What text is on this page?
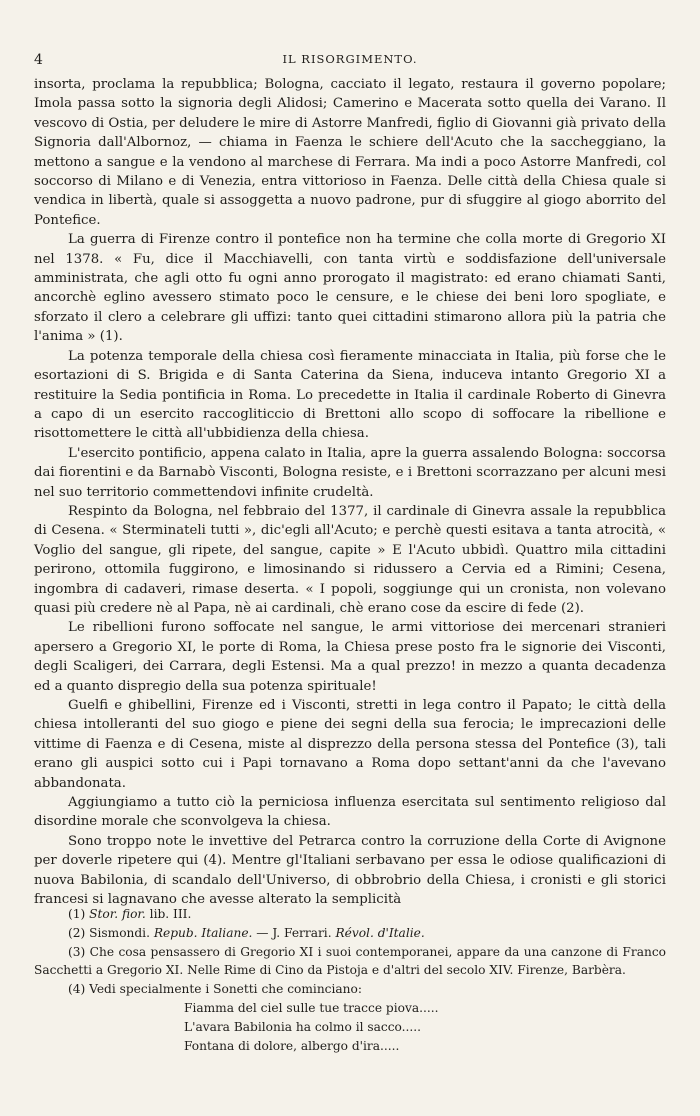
4	IL RISORGIMENTO.

insorta, proclama la repubblica; Bologna, cacciato il legato, restaura il governo popolare; Imola passa sotto la signoria degli Alidosi; Camerino e Macerata sotto quella dei Varano. Il vescovo di Ostia, per deludere le mire di Astorre Manfredi, figlio di Giovanni già privato della Signoria dall'Albornoz, — chiama in Faenza le schiere dell'Acuto che la saccheggiano, la mettono a sangue e la vendono al marchese di Ferrara. Ma indi a poco Astorre Manfredi, col soccorso di Milano e di Venezia, entra vittorioso in Faenza. Delle città della Chiesa quale si vendica in libertà, quale si assoggetta a nuovo padrone, pur di sfuggire al giogo aborrito del Pontefice.

La guerra di Firenze contro il pontefice non ha termine che colla morte di Gregorio XI nel 1378. « Fu, dice il Macchiavelli, con tanta virtù e soddisfazione dell'universale amministrata, che agli otto fu ogni anno prorogato il magistrato: ed erano chiamati Santi, ancorchè eglino avessero stimato poco le censure, e le chiese dei beni loro spogliate, e sforzato il clero a celebrare gli uffizi: tanto quei cittadini stimarono allora più la patria che l'anima » (1).

La potenza temporale della chiesa così fieramente minacciata in Italia, più forse che le esortazioni di S. Brigida e di Santa Caterina da Siena, induceva intanto Gregorio XI a restituire la Sedia pontificia in Roma. Lo precedette in Italia il cardinale Roberto di Ginevra a capo di un esercito raccogliticcio di Brettoni allo scopo di soffocare la ribellione e risottomettere le città all'ubbidienza della chiesa.

L'esercito pontificio, appena calato in Italia, apre la guerra assalendo Bologna: soccorsa dai fiorentini e da Barnabò Visconti, Bologna resiste, e i Brettoni scorrazzano per alcuni mesi nel suo territorio commettendovi infinite crudeltà.

Respinto da Bologna, nel febbraio del 1377, il cardinale di Ginevra assale la repubblica di Cesena. « Sterminateli tutti », dic'egli all'Acuto; e perchè questi esitava a tanta atrocità, « Voglio del sangue, gli ripete, del sangue, capite » E l'Acuto ubbidì. Quattro mila cittadini perirono, ottomila fuggirono, e limosinando si ridussero a Cervia ed a Rimini; Cesena, ingombra di cadaveri, rimase deserta. « I popoli, soggiunge qui un cronista, non volevano quasi più credere nè al Papa, nè ai cardinali, chè erano cose da escire di fede (2).

Le ribellioni furono soffocate nel sangue, le armi vittoriose dei mercenari stranieri apersero a Gregorio XI, le porte di Roma, la Chiesa prese posto fra le signorie dei Visconti, degli Scaligeri, dei Carrara, degli Estensi. Ma a qual prezzo! in mezzo a quanta decadenza ed a quanto dispregio della sua potenza spirituale!

Guelfi e ghibellini, Firenze ed i Visconti, stretti in lega contro il Papato; le città della chiesa intolleranti del suo giogo e piene dei segni della sua ferocia; le imprecazioni delle vittime di Faenza e di Cesena, miste al disprezzo della persona stessa del Pontefice (3), tali erano gli auspici sotto cui i Papi tornavano a Roma dopo settant'anni da che l'avevano abbandonata.

Aggiungiamo a tutto ciò la perniciosa influenza esercitata sul sentimento religioso dal disordine morale che sconvolgeva la chiesa.

Sono troppo note le invettive del Petrarca contro la corruzione della Corte di Avignone per doverle ripetere qui (4). Mentre gl'Italiani serbavano per essa le odiose qualificazioni di nuova Babilonia, di scandalo dell'Universo, di obbrobrio della Chiesa, i cronisti e gli storici francesi si lagnavano che avesse alterato la semplicità

(1) Stor. fior. lib. III.

(2) Sismondi. Repub. Italiane. — J. Ferrari. Révol. d'Italie.

(3) Che cosa pensassero di Gregorio XI i suoi contemporanei, appare da una canzone di Franco Sacchetti a Gregorio XI. Nelle Rime di Cino da Pistoja e d'altri del secolo XIV. Firenze, Barbèra.

(4) Vedi specialmente i Sonetti che cominciano:

Fiamma del ciel sulle tue tracce piova.....

L'avara Babilonia ha colmo il sacco.....

Fontana di dolore, albergo d'ira.....
